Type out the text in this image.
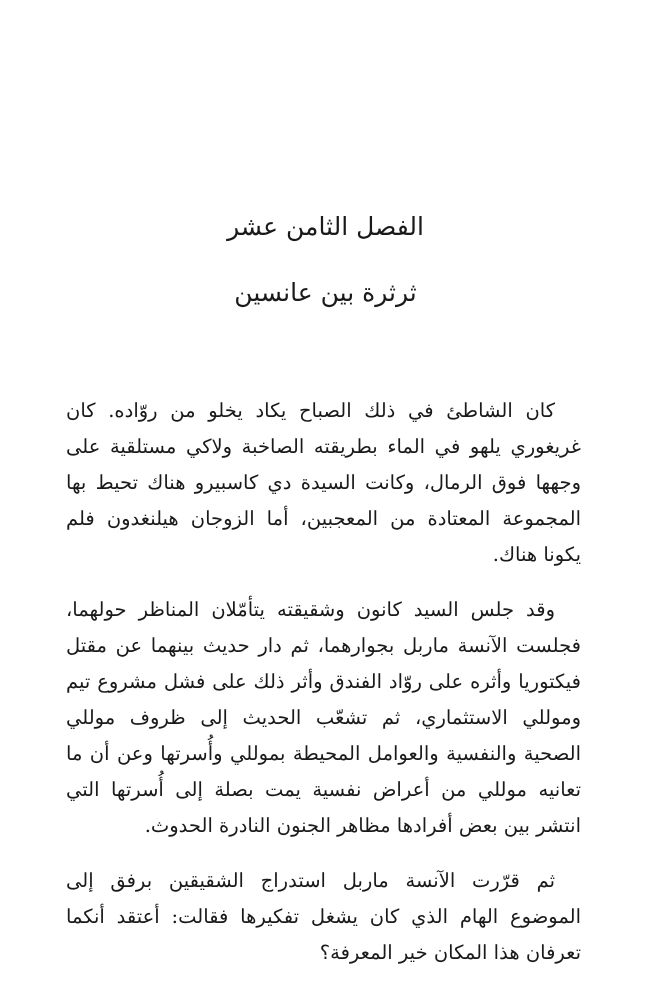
الفصل الثامن عشر
ثرثرة بين عانسين

كان الشاطئ في ذلك الصباح يكاد يخلو من روّاده. كان غريغوري يلهو في الماء بطريقته الصاخبة ولاكي مستلقية على وجهها فوق الرمال، وكانت السيدة دي كاسبيرو هناك تحيط بها المجموعة المعتادة من المعجبين، أما الزوجان هيلنغدون فلم يكونا هناك.

وقد جلس السيد كانون وشقيقته يتأمّلان المناظر حولهما، فجلست الآنسة ماربل بجوارهما، ثم دار حديث بينهما عن مقتل فيكتوريا وأثره على روّاد الفندق وأثر ذلك على فشل مشروع تيم وموللي الاستثماري، ثم تشعّب الحديث إلى ظروف موللي الصحية والنفسية والعوامل المحيطة بموللي وأُسرتها وعن أن ما تعانيه موللي من أعراض نفسية يمت بصلة إلى أُسرتها التي انتشر بين بعض أفرادها مظاهر الجنون النادرة الحدوث.

ثم قرّرت الآنسة ماربل استدراج الشقيقين برفق إلى الموضوع الهام الذي كان يشغل تفكيرها فقالت: أعتقد أنكما تعرفان هذا المكان خير المعرفة؟
